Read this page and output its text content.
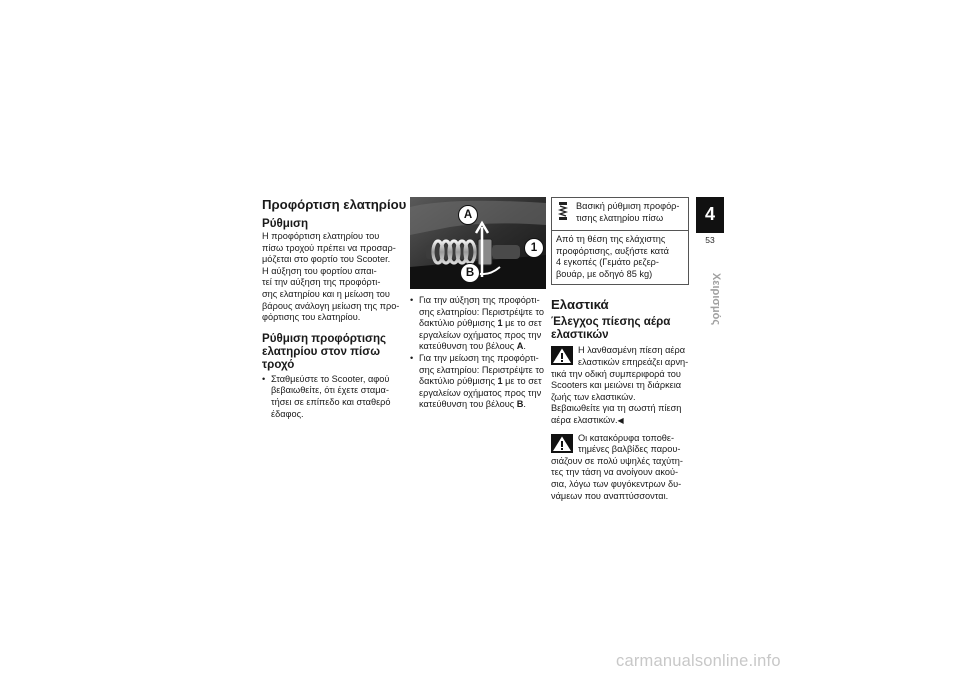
Προφόρτιση ελατηρίου
Ρύθμιση

Η προφόρτιση ελατηρίου του
πίσω τροχού πρέπει να προσαρ-
μόζεται στο φορτίο του Scooter.
Η αύξηση του φορτίου απαι-
τεί την αύξηση της προφόρτι-
σης ελατηρίου και η μείωση του
βάρους ανάλογη μείωση της προ-
φόρτισης του ελατηρίου.

Ρύθμιση προφόρτισης
ελατηρίου στον πίσω
τροχό
• Σταθμεύστε το Scooter, αφού
βεβαιωθείτε, ότι έχετε σταμα-
τήσει σε επίπεδο και σταθερό
έδαφος.
A
1
B
• Για την αύξηση της προφόρτι-
σης ελατηρίου: Περιστρέψτε το
δακτύλιο ρύθμισης 1 με το σετ
εργαλείων οχήματος προς την
κατεύθυνση του βέλους A.
• Για την μείωση της προφόρτι-
σης ελατηρίου: Περιστρέψτε το
δακτύλιο ρύθμισης 1 με το σετ
εργαλείων οχήματος προς την
κατεύθυνση του βέλους B.

Βασική ρύθμιση προφόρ-
τισης ελατηρίου πίσω

Από τη θέση της ελάχιστης
προφόρτισης, αυξήστε κατά
4 εγκοπές (Γεμάτο ρεζερ-
βουάρ, με οδηγό 85 kg)

Ελαστικά
Έλεγχος πίεσης αέρα
ελαστικών

Η λανθασμένη πίεση αέρα
ελαστικών επηρεάζει αρνη-

τικά την οδική συμπεριφορά του
Scooters και μειώνει τη διάρκεια
ζωής των ελαστικών.
Βεβαιωθείτε για τη σωστή πίεση
αέρα ελαστικών.◀

Οι κατακόρυφα τοποθε-
τημένες βαλβίδες παρου-

σιάζουν σε πολύ υψηλές ταχύτη-
τες την τάση να ανοίγουν ακού-
σια, λόγω των φυγόκεντρων δυ-
νάμεων που αναπτύσσονται.

4
53
Χειρισμός
carmanualsonline.info
